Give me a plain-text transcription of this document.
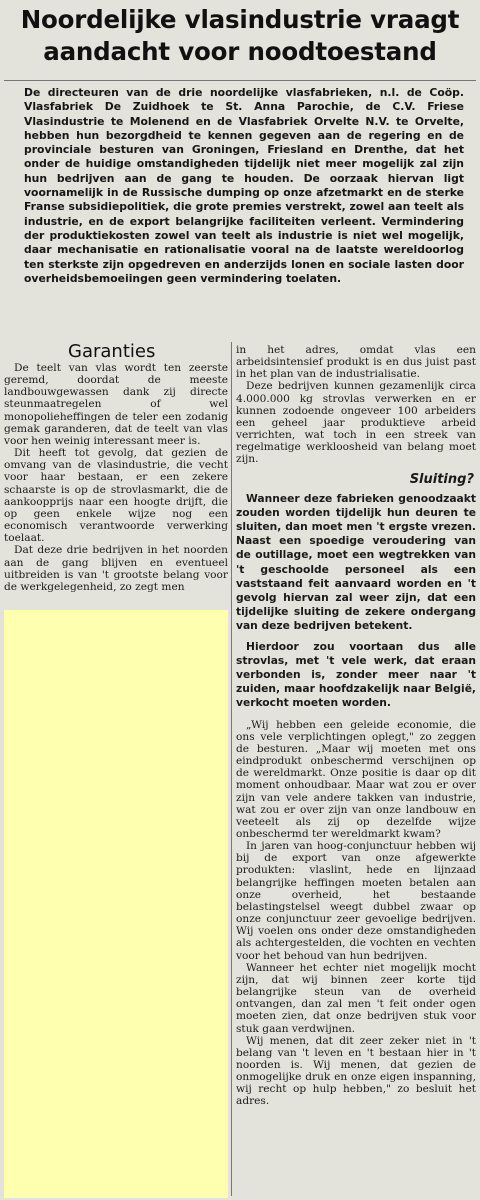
Noordelijke vlasindustrie vraagt
aandacht voor noodtoestand
De directeuren van de drie noordelijke vlasfabrieken, n.l. de Coöp. Vlasfabriek De Zuidhoek te St. Anna Parochie, de C.V. Friese Vlasindustrie te Molenend en de Vlasfabriek Orvelte N.V. te Orvelte, hebben hun bezorgdheid te kennen gegeven aan de regering en de provinciale besturen van Groningen, Friesland en Drenthe, dat het onder de huidige omstandigheden tijdelijk niet meer mogelijk zal zijn hun bedrijven aan de gang te houden. De oorzaak hiervan ligt voornamelijk in de Russische dumping op onze afzetmarkt en de sterke Franse subsidiepolitiek, die grote premies verstrekt, zowel aan teelt als industrie, en de export belangrijke faciliteiten verleent. Vermindering der produktiekosten zowel van teelt als industrie is niet wel mogelijk, daar mechanisatie en rationalisatie vooral na de laatste wereldoorlog ten sterkste zijn opgedreven en anderzijds lonen en sociale lasten door overheidsbemoeiingen geen vermindering toelaten.
Garanties

De teelt van vlas wordt ten zeerste geremd, doordat de meeste landbouwgewassen dank zij directe steunmaatregelen of wel monopolieheffingen de teler een zodanig gemak garanderen, dat de teelt van vlas voor hen weinig interessant meer is.

Dit heeft tot gevolg, dat gezien de omvang van de vlasindustrie, die vecht voor haar bestaan, er een zekere schaarste is op de strovlasmarkt, die de aankoopprijs naar een hoogte drijft, die op geen enkele wijze nog een economisch verantwoorde verwerking toelaat.

Dat deze drie bedrijven in het noorden aan de gang blijven en eventueel uitbreiden is van 't grootste belang voor de werkgelegenheid, zo zegt men

in het adres, omdat vlas een arbeidsintensief produkt is en dus juist past in het plan van de industrialisatie.

Deze bedrijven kunnen gezamenlijk circa 4.000.000 kg strovlas verwerken en er kunnen zodoende ongeveer 100 arbeiders een geheel jaar produktieve arbeid verrichten, wat toch in een streek van regelmatige werkloosheid van belang moet zijn.

Sluiting?

Wanneer deze fabrieken genoodzaakt zouden worden tijdelijk hun deuren te sluiten, dan moet men 't ergste vrezen. Naast een spoedige veroudering van de outillage, moet een wegtrekken van 't geschoolde personeel als een vaststaand feit aanvaard worden en 't gevolg hiervan zal weer zijn, dat een tijdelijke sluiting de zekere ondergang van deze bedrijven betekent.

Hierdoor zou voortaan dus alle strovlas, met 't vele werk, dat eraan verbonden is, zonder meer naar 't zuiden, maar hoofdzakelijk naar België, verkocht moeten worden.

„Wij hebben een geleide economie, die ons vele verplichtingen oplegt," zo zeggen de besturen. „Maar wij moeten met ons eindprodukt onbeschermd verschijnen op de wereldmarkt. Onze positie is daar op dit moment onhoudbaar. Maar wat zou er over zijn van vele andere takken van industrie, wat zou er over zijn van onze landbouw en veeteelt als zij op dezelfde wijze onbeschermd ter wereldmarkt kwam?

In jaren van hoog-conjunctuur hebben wij bij de export van onze afgewerkte produkten: vlaslint, hede en lijnzaad belangrijke heffingen moeten betalen aan onze overheid, het bestaande belastingstelsel weegt dubbel zwaar op onze conjunctuur zeer gevoelige bedrijven. Wij voelen ons onder deze omstandigheden als achtergestelden, die vochten en vechten voor het behoud van hun bedrijven.

Wanneer het echter niet mogelijk mocht zijn, dat wij binnen zeer korte tijd belangrijke steun van de overheid ontvangen, dan zal men 't feit onder ogen moeten zien, dat onze bedrijven stuk voor stuk gaan verdwijnen.

Wij menen, dat dit zeer zeker niet in 't belang van 't leven en 't bestaan hier in 't noorden is. Wij menen, dat gezien de onmogelijke druk en onze eigen inspanning, wij recht op hulp hebben," zo besluit het adres.
